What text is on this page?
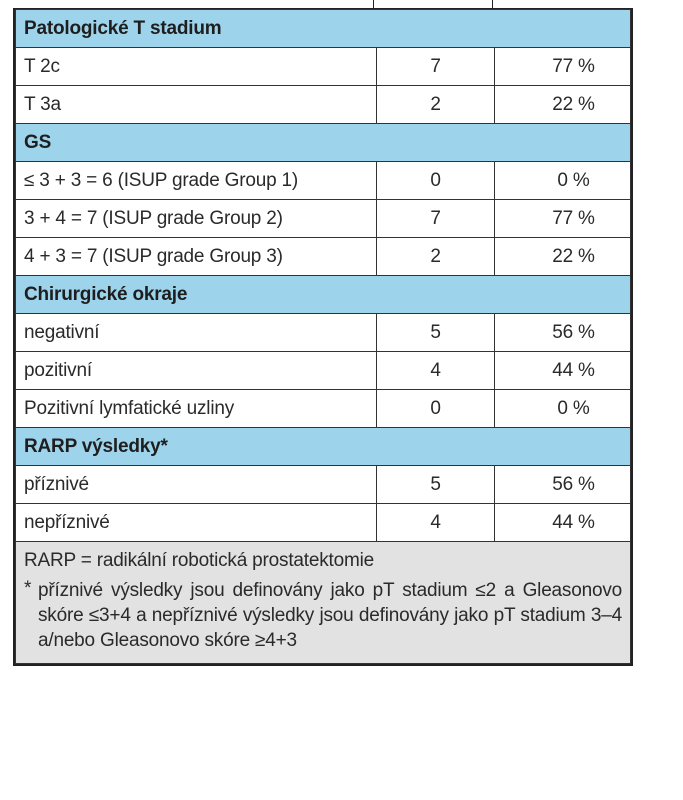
Patologické T stadium		
T 2c	7	77 %
T 3a	2	22 %
GS		
≤ 3 + 3 = 6 (ISUP grade Group 1)	0	0 %
3 + 4 = 7 (ISUP grade Group 2)	7	77 %
4 + 3 = 7 (ISUP grade Group 3)	2	22 %
Chirurgické okraje		
negativní	5	56 %
pozitivní	4	44 %
Pozitivní lymfatické uzliny	0	0 %
RARP výsledky*		
příznivé	5	56 %
nepříznivé	4	44 %

RARP = radikální robotická prostatektomie
* příznivé výsledky jsou definovány jako pT stadium ≤2 a Gleasonovo skóre ≤3+4 a nepříznivé výsledky jsou definovány jako pT stadium 3–4 a/nebo Gleasonovo skóre ≥4+3		
